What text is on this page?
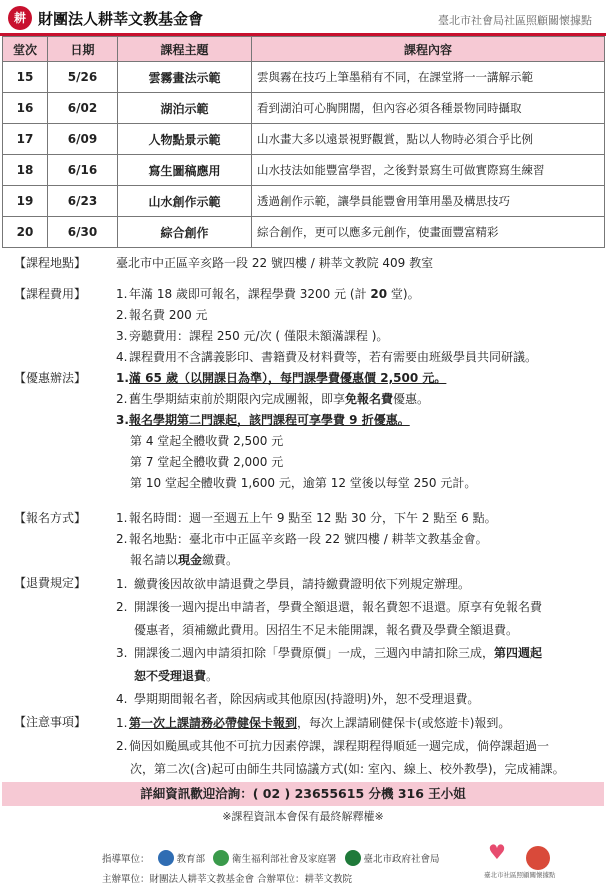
耕 財團法人耕莘文教基金會	臺北市社會局社區照顧關懷據點
堂次	日期	課程主題	課程內容
15	5/26	雲霧畫法示範	雲與霧在技巧上筆墨稍有不同，在課堂將一一講解示範
16	6/02	湖泊示範	看到湖泊可心胸開闊，但內容必須各種景物同時攝取
17	6/09	人物點景示範	山水畫大多以遠景視野觀賞，點以人物時必須合乎比例
18	6/16	寫生圖稿應用	山水技法如能豐富學習，之後對景寫生可做實際寫生練習
19	6/23	山水創作示範	透過創作示範，讓學員能豐會用筆用墨及構思技巧
20	6/30	綜合創作	綜合創作，更可以應多元創作，使畫面豐富精彩
【課程地點】 臺北市中正區辛亥路一段 22 號四樓 / 耕莘文教院 409 教室
【課程費用】 1. 年滿 18 歲即可報名，課程學費 3200 元 (計 20 堂)。
2. 報名費 200 元
3. 旁聽費用：課程 250 元/次 ( 僅限未額滿課程 )。
4. 課程費用不含講義影印、書籍費及材料費等，若有需要由班級學員共同研議。
【優惠辦法】 1. 滿 65 歲（以開課日為準），每門課學費優惠價 2,500 元。
2. 舊生學期結束前於期限內完成團報，即享免報名費優惠。
3. 報名學期第二門課起，該門課程可享學費 9 折優惠。
第 4 堂起全體收費 2,500 元
第 7 堂起全體收費 2,000 元
第 10 堂起全體收費 1,600 元，逾第 12 堂後以每堂 250 元計。
【報名方式】 1. 報名時間：週一至週五上午 9 點至 12 點 30 分，下午 2 點至 6 點。
2. 報名地點：臺北市中正區辛亥路一段 22 號四樓 / 耕莘文教基金會。
報名請以現金繳費。
【退費規定】 1. 繳費後因故欲申請退費之學員，請持繳費證明依下列規定辦理。
2. 開課後一週內提出申請者，學費全額退還，報名費恕不退還。原享有免報名費
優惠者，須補繳此費用。因招生不足未能開課，報名費及學費全額退費。
3. 開課後二週內申請須扣除「學費原價」一成，三週內申請扣除三成，第四週起
恕不受理退費。
4. 學期期間報名者，除因病或其他原因(持證明)外，恕不受理退費。
【注意事項】 1. 第一次上課請務必帶健保卡報到，每次上課請刷健保卡(或悠遊卡)報到。
2. 倘因如颱風或其他不可抗力因素停課，課程期程得順延一週完成，倘停課超過一
次，第二次(含)起可由師生共同協議方式(如: 室內、線上、校外教學)，完成補課。
詳細資訊歡迎洽詢：( 02 ) 23655615 分機 316 王小姐
※課程資訊本會保有最終解釋權※
指導單位：	教育部	衛生福利部社會及家庭署	臺北市政府社會局 ♥
臺北市社區照顧關懷據點
主辦單位：財團法人耕莘文教基金會 合辦單位：耕莘文教院
